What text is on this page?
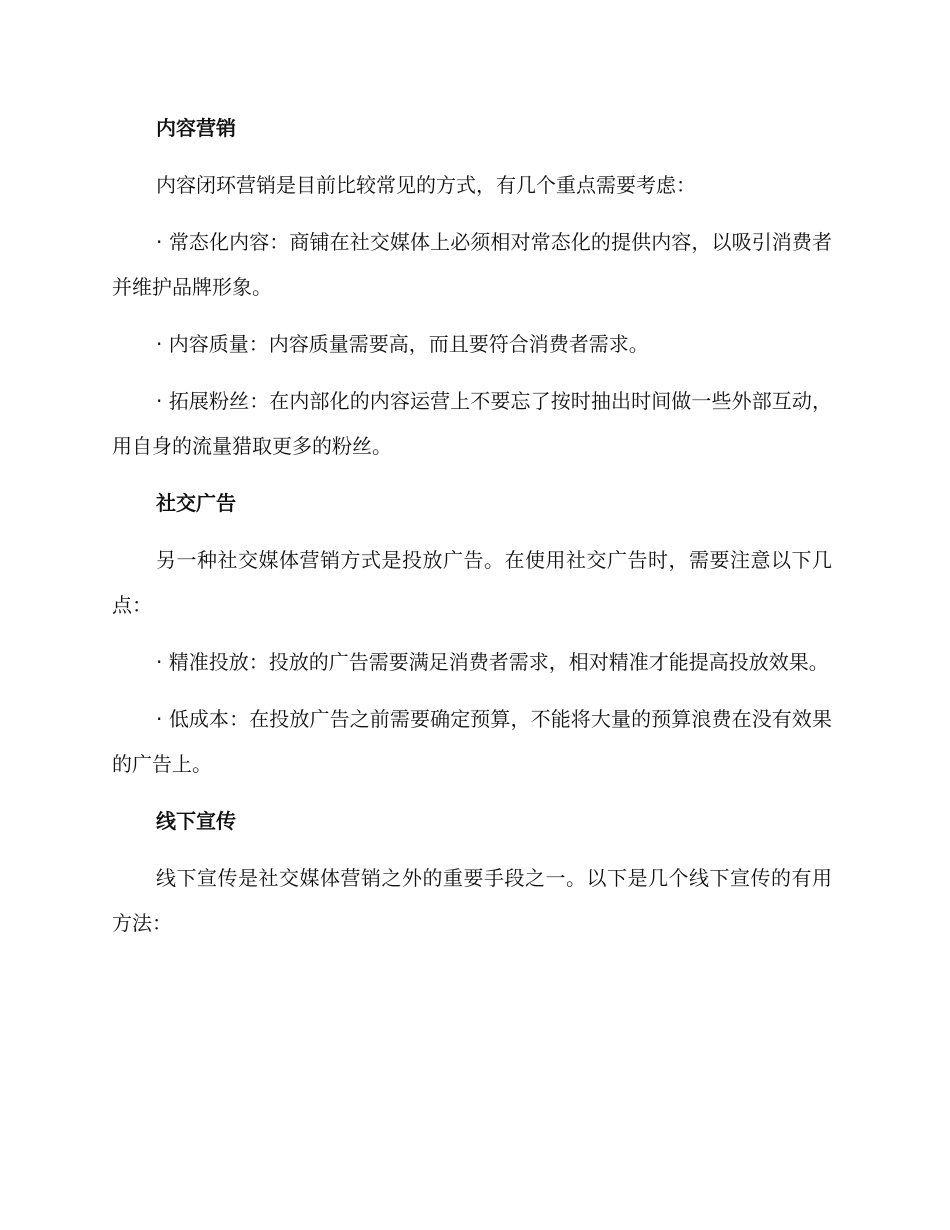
内容营销

内容闭环营销是目前比较常见的方式，有几个重点需要考虑：

· 常态化内容：商铺在社交媒体上必须相对常态化的提供内容，以吸引消费者并维护品牌形象。

· 内容质量：内容质量需要高，而且要符合消费者需求。

· 拓展粉丝：在内部化的内容运营上不要忘了按时抽出时间做一些外部互动，用自身的流量猎取更多的粉丝。

社交广告

另一种社交媒体营销方式是投放广告。在使用社交广告时，需要注意以下几点：

· 精准投放：投放的广告需要满足消费者需求，相对精准才能提高投放效果。

· 低成本：在投放广告之前需要确定预算，不能将大量的预算浪费在没有效果的广告上。

线下宣传

线下宣传是社交媒体营销之外的重要手段之一。以下是几个线下宣传的有用方法：
